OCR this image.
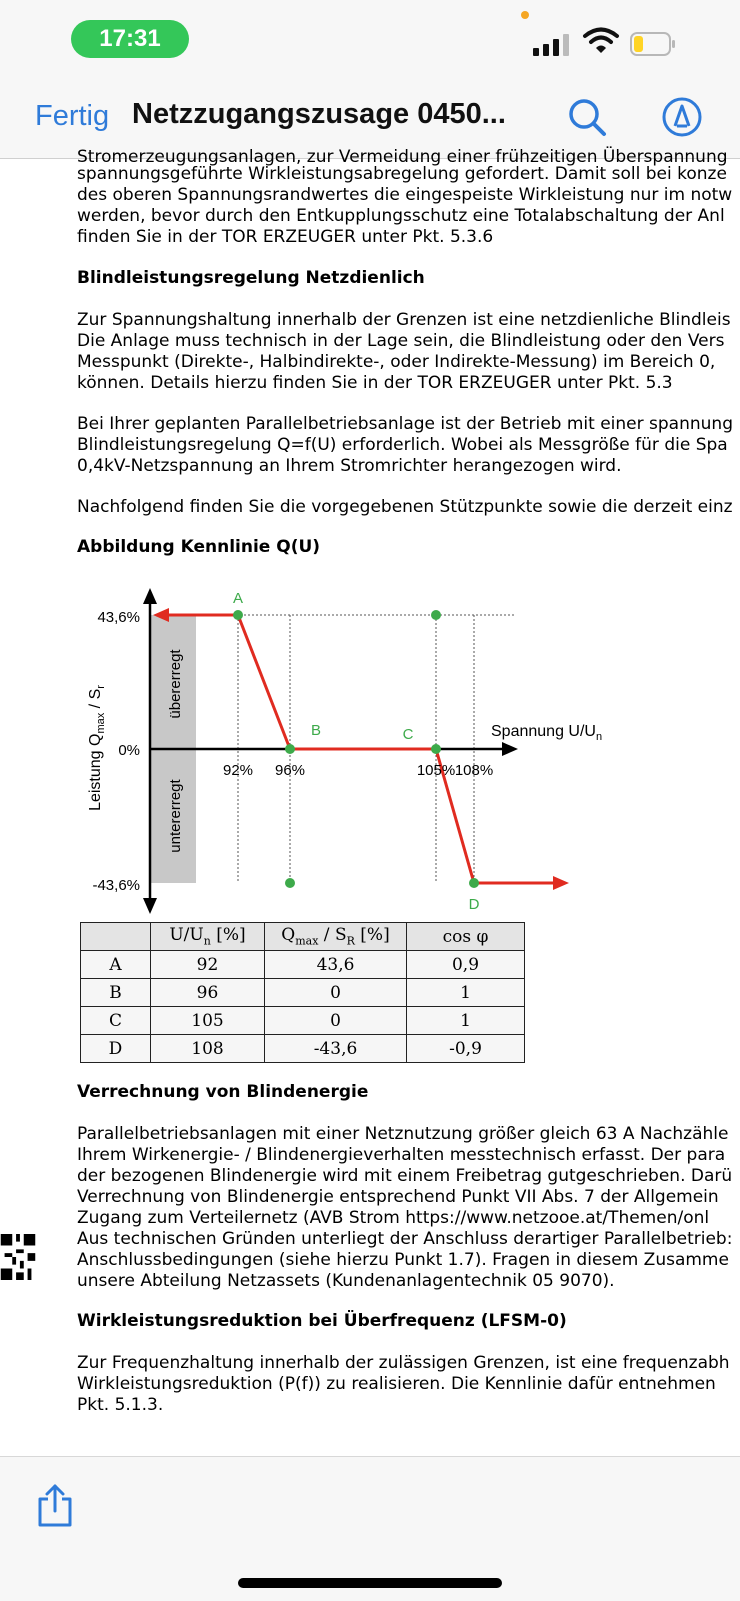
17:31
Fertig Netzzugangszusage 0450...

Stromerzeugungsanlagen, zur Vermeidung einer frühzeitigen Überspannung

spannungsgeführte Wirkleistungsabregelung gefordert. Damit soll bei konze

des oberen Spannungsrandwertes die eingespeiste Wirkleistung nur im notw

werden, bevor durch den Entkupplungsschutz eine Totalabschaltung der Anl

finden Sie in der TOR ERZEUGER unter Pkt. 5.3.6

Blindleistungsregelung Netzdienlich

Zur Spannungshaltung innerhalb der Grenzen ist eine netzdienliche Blindleis

Die Anlage muss technisch in der Lage sein, die Blindleistung oder den Vers

Messpunkt (Direkte-, Halbindirekte-, oder Indirekte-Messung) im Bereich 0,

können. Details hierzu finden Sie in der TOR ERZEUGER unter Pkt. 5.3

Bei Ihrer geplanten Parallelbetriebsanlage ist der Betrieb mit einer spannung

Blindleistungsregelung Q=f(U) erforderlich. Wobei als Messgröße für die Spa

0,4kV-Netzspannung an Ihrem Stromrichter herangezogen wird.

Nachfolgend finden Sie die vorgegebenen Stützpunkte sowie die derzeit einz

Abbildung Kennlinie Q(U)
Verrechnung von Blindenergie

Parallelbetriebsanlagen mit einer Netznutzung größer gleich 63 A Nachzähle

Ihrem Wirkenergie- / Blindenergieverhalten messtechnisch erfasst. Der para

der bezogenen Blindenergie wird mit einem Freibetrag gutgeschrieben. Darü

Verrechnung von Blindenergie entsprechend Punkt VII Abs. 7 der Allgemein

Zugang zum Verteilernetz (AVB Strom https://www.netzooe.at/Themen/onl

Aus technischen Gründen unterliegt der Anschluss derartiger Parallelbetrieb:

Anschlussbedingungen (siehe hierzu Punkt 1.7). Fragen in diesem Zusamme

unsere Abteilung Netzassets (Kundenanlagentechnik 05 9070).

Wirkleistungsreduktion bei Überfrequenz (LFSM-0)

Zur Frequenzhaltung innerhalb der zulässigen Grenzen, ist eine frequenzabh

Wirkleistungsreduktion (P(f)) zu realisieren. Die Kennlinie dafür entnehmen

Pkt. 5.1.3.

A
B	C
D
43,6%
0%
-43,6%
92% 96%	105% 108%
übererregt
untererregt
Leistung $Q_{max} / S_r$
Spannung $U/U_n$
	$U/U_n$ [%]	$Q_{max} / S_R$ [%]	cos φ
A	92	43,6	0,9
B	96	0	1
C	105	0	1
D	108	-43,6	-0,9
